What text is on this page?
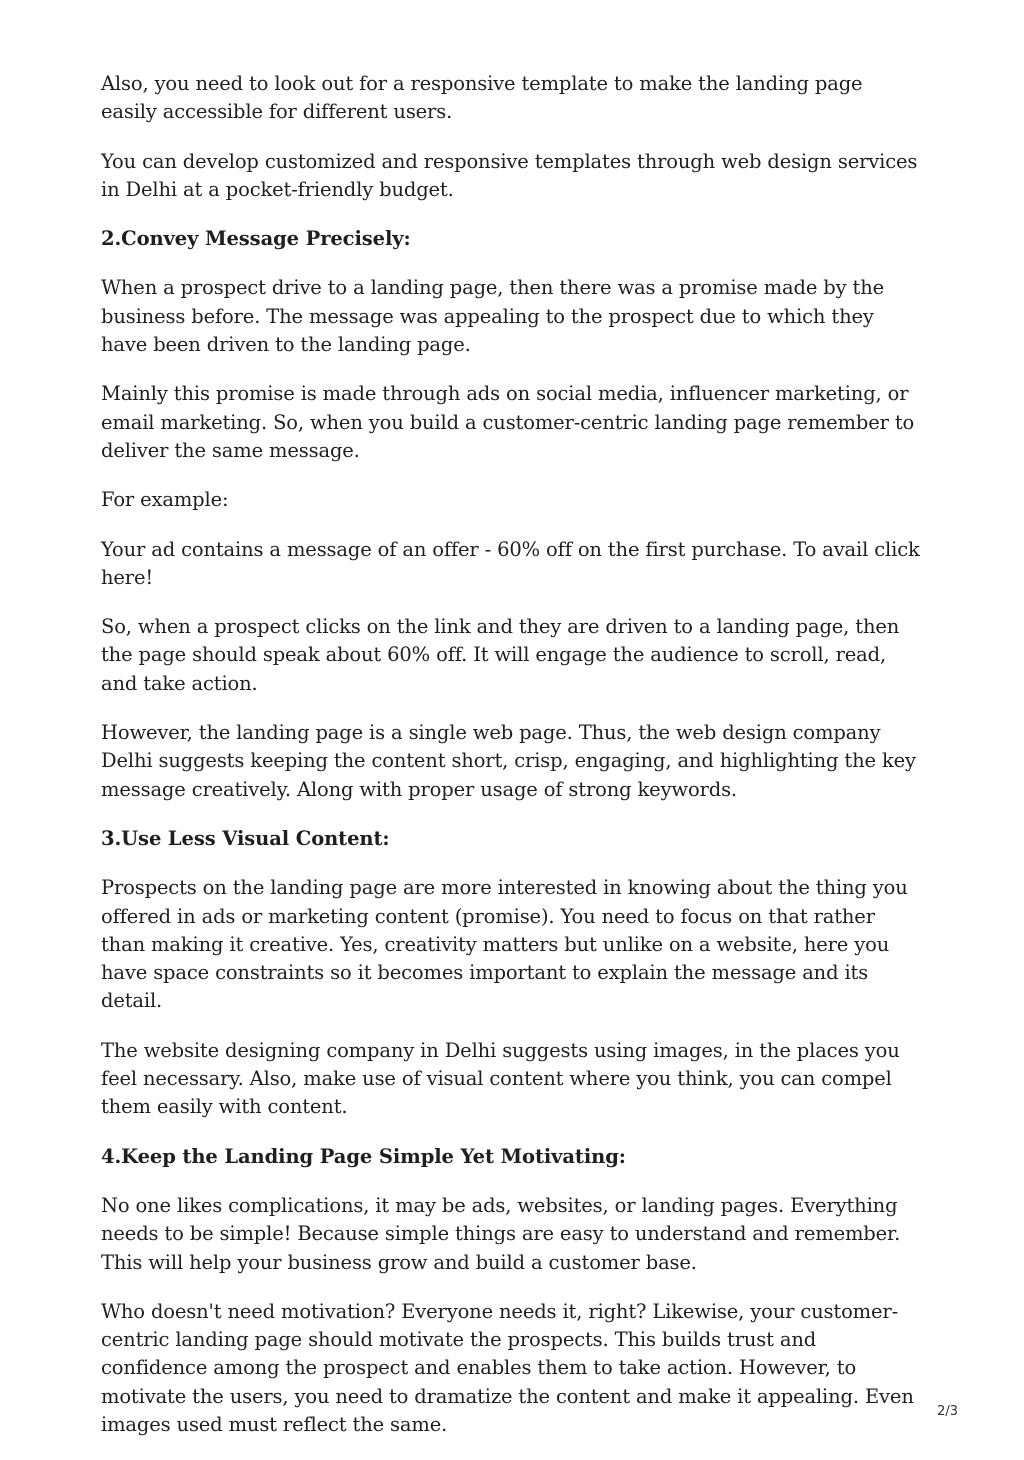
Also, you need to look out for a responsive template to make the landing page easily accessible for different users.

You can develop customized and responsive templates through web design services in Delhi at a pocket-friendly budget.

2.Convey Message Precisely:

When a prospect drive to a landing page, then there was a promise made by the business before. The message was appealing to the prospect due to which they have been driven to the landing page.

Mainly this promise is made through ads on social media, influencer marketing, or email marketing. So, when you build a customer-centric landing page remember to deliver the same message.

For example:

Your ad contains a message of an offer - 60% off on the first purchase. To avail click here!

So, when a prospect clicks on the link and they are driven to a landing page, then the page should speak about 60% off. It will engage the audience to scroll, read, and take action.

However, the landing page is a single web page. Thus, the web design company Delhi suggests keeping the content short, crisp, engaging, and highlighting the key message creatively. Along with proper usage of strong keywords.

3.Use Less Visual Content:

Prospects on the landing page are more interested in knowing about the thing you offered in ads or marketing content (promise). You need to focus on that rather than making it creative. Yes, creativity matters but unlike on a website, here you have space constraints so it becomes important to explain the message and its detail.

The website designing company in Delhi suggests using images, in the places you feel necessary. Also, make use of visual content where you think, you can compel them easily with content.

4.Keep the Landing Page Simple Yet Motivating:

No one likes complications, it may be ads, websites, or landing pages. Everything needs to be simple! Because simple things are easy to understand and remember. This will help your business grow and build a customer base.

Who doesn't need motivation? Everyone needs it, right? Likewise, your customer-centric landing page should motivate the prospects. This builds trust and confidence among the prospect and enables them to take action. However, to motivate the users, you need to dramatize the content and make it appealing. Even images used must reflect the same.

2/3
